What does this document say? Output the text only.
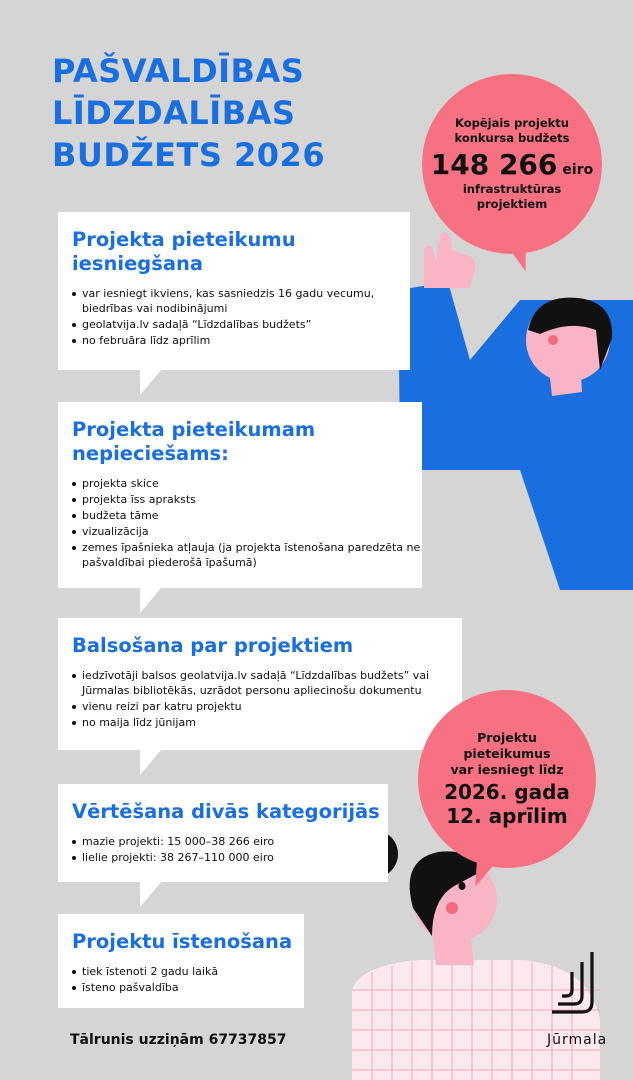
PAŠVALDĪBAS
LĪDZDALĪBAS
BUDŽETS 2026
Kopējais projektu
konkursa budžets
148 266 eiro
infrastruktūras
projektiem
Projekta pieteikumu
iesniegšana
var iesniegt ikviens, kas sasniedzis 16 gadu vecumu, biedrības vai nodibinājumi
geolatvija.lv sadaļā “Līdzdalības budžets”
no februāra līdz aprīlim
Projekta pieteikumam
nepieciešams:
projekta skice
projekta īss apraksts
budžeta tāme
vizualizācija
zemes īpašnieka atļauja (ja projekta īstenošana paredzēta ne pašvaldībai piederošā īpašumā)
Balsošana par projektiem
iedzīvotāji balsos geolatvija.lv sadaļā “Līdzdalības budžets” vai Jūrmalas bibliotēkās, uzrādot personu apliecinošu dokumentu
vienu reizi par katru projektu
no maija līdz jūnijam
Projektu
pieteikumus
var iesniegt līdz
2026. gada
12. aprīlim
Vērtēšana divās kategorijās
mazie projekti: 15 000–38 266 eiro
lielie projekti: 38 267–110 000 eiro
Projektu īstenošana
tiek īstenoti 2 gadu laikā
īsteno pašvaldība
Tālrunis uzziņām 67737857	Jūrmala
